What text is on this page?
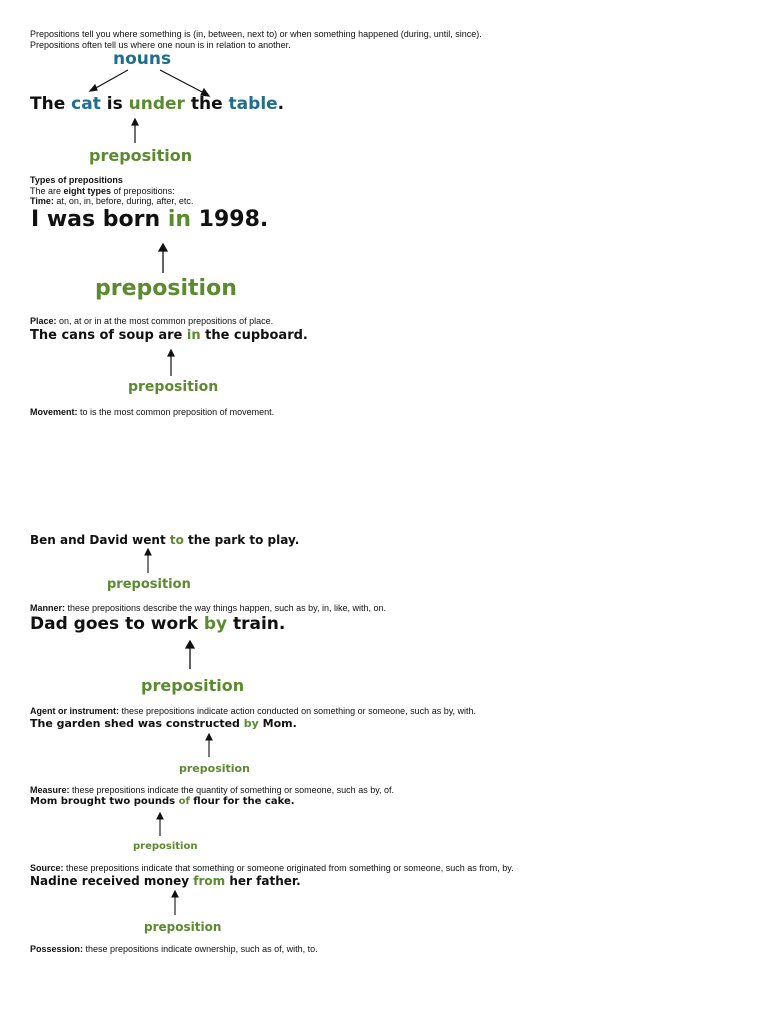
Prepositions tell you where something is (in, between, next to) or when something happened (during, until, since).
Prepositions often tell us where one noun is in relation to another.
nouns
The cat is under the table.
preposition
Types of prepositions
The are eight types of prepositions:
Time: at, on, in, before, during, after, etc.
I was born in 1998.
preposition
Place: on, at or in at the most common prepositions of place.
The cans of soup are in the cupboard.
preposition
Movement: to is the most common preposition of movement.
Ben and David went to the park to play.
preposition
Manner: these prepositions describe the way things happen, such as by, in, like, with, on.
Dad goes to work by train.
preposition
Agent or instrument: these prepositions indicate action conducted on something or someone, such as by, with.
The garden shed was constructed by Mom.
preposition
Measure: these prepositions indicate the quantity of something or someone, such as by, of.
Mom brought two pounds of flour for the cake.
preposition
Source: these prepositions indicate that something or someone originated from something or someone, such as from, by.
Nadine received money from her father.
preposition
Possession: these prepositions indicate ownership, such as of, with, to.
